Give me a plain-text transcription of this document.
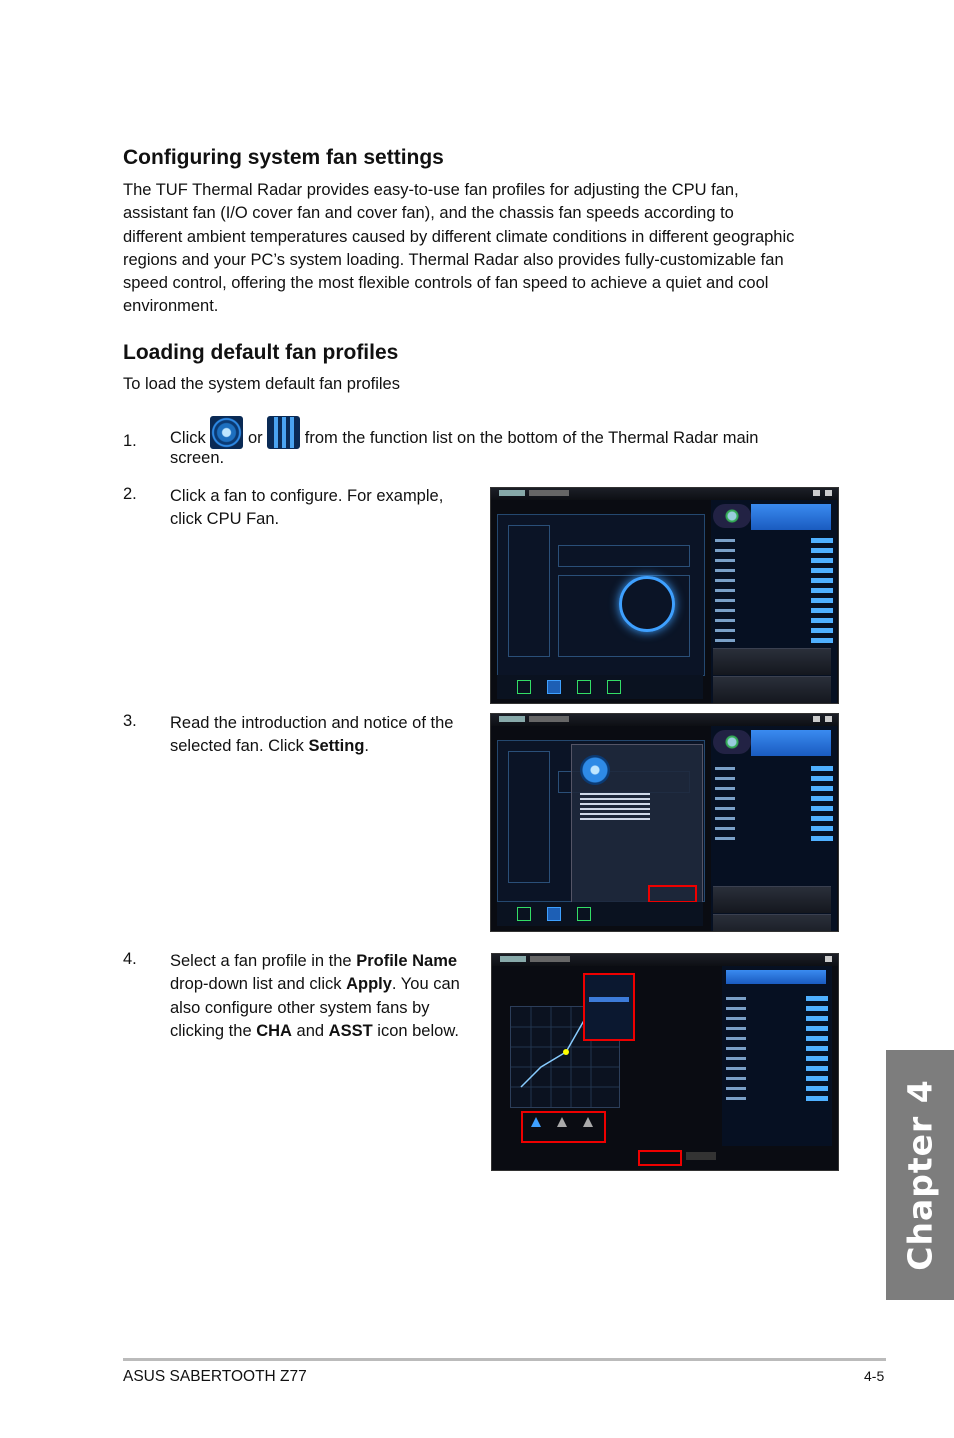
Configuring system fan settings
The TUF Thermal Radar provides easy-to-use fan profiles for adjusting the CPU fan,
assistant fan (I/O cover fan and cover fan), and the chassis fan speeds according to
different ambient temperatures caused by different climate conditions in different geographic
regions and your PC’s system loading. Thermal Radar also provides fully-customizable fan
speed control, offering the most flexible controls of fan speed to achieve a quiet and cool
environment.
Loading default fan profiles
To load the system default fan profiles
1. Click	or	from the function list on the bottom of the Thermal Radar main
screen.
2. Click a fan to configure. For example,
click CPU Fan.
3. Read the introduction and notice of the
selected fan. Click Setting.
4. Select a fan profile in the Profile Name
drop-down list and click Apply. You can
also configure other system fans by
clicking the CHA and ASST icon below.
Chapter 4
ASUS SABERTOOTH Z77	4-5
